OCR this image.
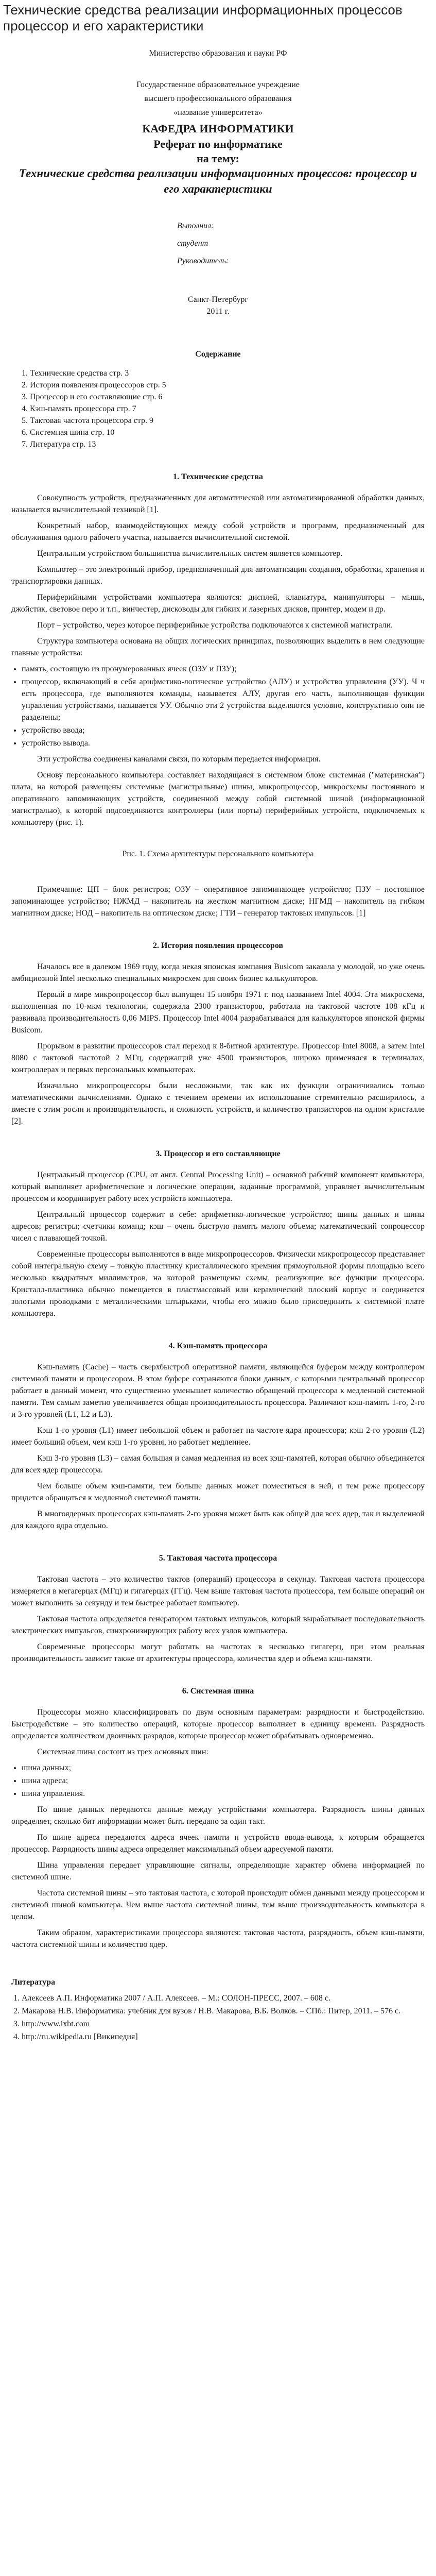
Технические средства реализации информационных процессов процессор и его характеристики

Министерство образования и науки РФ

Государственное образовательное учреждение
высшего профессионального образования
«название университета»
КАФЕДРА ИНФОРМАТИКИ
Реферат по информатике
на тему:
Технические средства реализации информационных процессов: процессор и его характеристики
Выполнил:
студент
Руководитель:
Санкт-Петербург
2011 г.
Содержание
1. Технические средства стр. 3
2. История появления процессоров стр. 5
3. Процессор и его составляющие стр. 6
4. Кэш-память процессора стр. 7
5. Тактовая частота процессора стр. 9
6. Системная шина стр. 10
7. Литература стр. 13
1. Технические средства

Совокупность устройств, предназначенных для автоматической или автоматизированной обработки данных, называется вычислительной техникой [1].

Конкретный набор, взаимодействующих между собой устройств и программ, предназначенный для обслуживания одного рабочего участка, называется вычислительной системой.

Центральным устройством большинства вычислительных систем является компьютер.

Компьютер – это электронный прибор, предназначенный для автоматизации создания, обработки, хранения и транспортировки данных.

Периферийными устройствами компьютера являются: дисплей, клавиатура, манипуляторы – мышь, джойстик, световое перо и т.п., винчестер, дисководы для гибких и лазерных дисков, принтер, модем и др.

Порт – устройство, через которое периферийные устройства подключаются к системной магистрали.

Структура компьютера основана на общих логических принципах, позволяющих выделить в нем следующие главные устройства:

• память, состоящую из пронумерованных ячеек (ОЗУ и ПЗУ);
• процессор, включающий в себя арифметико-логическое устройство (АЛУ) и устройство управления (УУ). Ч ч есть процессора, где выполняются команды, называется АЛУ, другая его часть, выполняющая функции управления устройствами, называется УУ. Обычно эти 2 устройства выделяются условно, конструктивно они не разделены;
• устройство ввода;
• устройство вывода.

Эти устройства соединены каналами связи, по которым передается информация.

Основу персонального компьютера составляет находящаяся в системном блоке системная ("материнская") плата, на которой размещены системные (магистральные) шины, микропроцессор, микросхемы постоянного и оперативного запоминающих устройств, соединенной между собой системной шиной (информационной магистралью), к которой подсоединяются контроллеры (или порты) периферийных устройств, подключаемых к компьютеру (рис. 1).

Рис. 1. Схема архитектуры персонального компьютера

Примечание: ЦП – блок регистров; ОЗУ – оперативное запоминающее устройство; ПЗУ – постоянное запоминающее устройство; НЖМД – накопитель на жестком магнитном диске; НГМД – накопитель на гибком магнитном диске; НОД – накопитель на оптическом диске; ГТИ – генератор тактовых импульсов. [1]

2. История появления процессоров

Началось все в далеком 1969 году, когда некая японская компания Busicom заказала у молодой, но уже очень амбициозной Intel несколько специальных микросхем для своих бизнес калькуляторов.

Первый в мире микропроцессор был выпущен 15 ноября 1971 г. под названием Intel 4004. Эта микросхема, выполненная по 10-мкм технологии, содержала 2300 транзисторов, работала на тактовой частоте 108 кГц и развивала производительность 0,06 MIPS. Процессор Intel 4004 разрабатывался для калькуляторов японской фирмы Busicom.

Прорывом в развитии процессоров стал переход к 8-битной архитектуре. Процессор Intel 8008, а затем Intel 8080 с тактовой частотой 2 МГц, содержащий уже 4500 транзисторов, широко применялся в терминалах, контроллерах и первых персональных компьютерах.

Изначально микропроцессоры были несложными, так как их функции ограничивались только математическими вычислениями. Однако с течением времени их использование стремительно расширилось, а вместе с этим росли и производительность, и сложность устройств, и количество транзисторов на одном кристалле [2].

3. Процессор и его составляющие

Центральный процессор (CPU, от англ. Central Processing Unit) – основной рабочий компонент компьютера, который выполняет арифметические и логические операции, заданные программой, управляет вычислительным процессом и координирует работу всех устройств компьютера.

Центральный процессор содержит в себе: арифметико-логическое устройство; шины данных и шины адресов; регистры; счетчики команд; кэш – очень быструю память малого объема; математический сопроцессор чисел с плавающей точкой.

Современные процессоры выполняются в виде микропроцессоров. Физически микропроцессор представляет собой интегральную схему – тонкую пластинку кристаллического кремния прямоугольной формы площадью всего несколько квадратных миллиметров, на которой размещены схемы, реализующие все функции процессора. Кристалл-пластинка обычно помещается в пластмассовый или керамический плоский корпус и соединяется золотыми проводками с металлическими штырьками, чтобы его можно было присоединить к системной плате компьютера.

4. Кэш-память процессора

Кэш-память (Cache) – часть сверхбыстрой оперативной памяти, являющейся буфером между контроллером системной памяти и процессором. В этом буфере сохраняются блоки данных, с которыми центральный процессор работает в данный момент, что существенно уменьшает количество обращений процессора к медленной системной памяти. Тем самым заметно увеличивается общая производительность процессора. Различают кэш-память 1-го, 2-го и 3-го уровней (L1, L2 и L3).

Кэш 1-го уровня (L1) имеет небольшой объем и работает на частоте ядра процессора; кэш 2-го уровня (L2) имеет больший объем, чем кэш 1-го уровня, но работает медленнее.

Кэш 3-го уровня (L3) – самая большая и самая медленная из всех кэш-памятей, которая обычно объединяется для всех ядер процессора.

Чем больше объем кэш-памяти, тем больше данных может поместиться в ней, и тем реже процессору придется обращаться к медленной системной памяти.

В многоядерных процессорах кэш-память 2-го уровня может быть как общей для всех ядер, так и выделенной для каждого ядра отдельно.

5. Тактовая частота процессора

Тактовая частота – это количество тактов (операций) процессора в секунду. Тактовая частота процессора измеряется в мегагерцах (МГц) и гигагерцах (ГГц). Чем выше тактовая частота процессора, тем больше операций он может выполнить за секунду и тем быстрее работает компьютер.

Тактовая частота определяется генератором тактовых импульсов, который вырабатывает последовательность электрических импульсов, синхронизирующих работу всех узлов компьютера.

Современные процессоры могут работать на частотах в несколько гигагерц, при этом реальная производительность зависит также от архитектуры процессора, количества ядер и объема кэш-памяти.

6. Системная шина

Процессоры можно классифицировать по двум основным параметрам: разрядности и быстродействию. Быстродействие – это количество операций, которые процессор выполняет в единицу времени. Разрядность определяется количеством двоичных разрядов, которые процессор может обрабатывать одновременно.

Системная шина состоит из трех основных шин:

• шина данных;
• шина адреса;
• шина управления.

По шине данных передаются данные между устройствами компьютера. Разрядность шины данных определяет, сколько бит информации может быть передано за один такт.

По шине адреса передаются адреса ячеек памяти и устройств ввода-вывода, к которым обращается процессор. Разрядность шины адреса определяет максимальный объем адресуемой памяти.

Шина управления передает управляющие сигналы, определяющие характер обмена информацией по системной шине.

Частота системной шины – это тактовая частота, с которой происходит обмен данными между процессором и системной шиной компьютера. Чем выше частота системной шины, тем выше производительность компьютера в целом.

Таким образом, характеристиками процессора являются: тактовая частота, разрядность, объем кэш-памяти, частота системной шины и количество ядер.

Литература
1. Алексеев А.П. Информатика 2007 / А.П. Алексеев. – М.: СОЛОН-ПРЕСС, 2007. – 608 с.
2. Макарова Н.В. Информатика: учебник для вузов / Н.В. Макарова, В.Б. Волков. – СПб.: Питер, 2011. – 576 с.
3. http://www.ixbt.com
4. http://ru.wikipedia.ru [Википедия]
